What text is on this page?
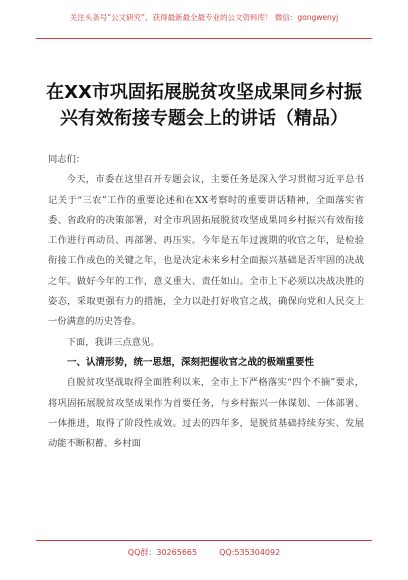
关注头条号“公文研究”，获得最新最全最专业的公文资料库！ 微信：gongwenyj
在XX市巩固拓展脱贫攻坚成果同乡村振兴有效衔接专题会上的讲话（精品）

同志们：

今天，市委在这里召开专题会议，主要任务是深入学习贯彻习近平总书记关于“三农”工作的重要论述和在XX考察时的重要讲话精神，全面落实省委、省政府的决策部署，对全市巩固拓展脱贫攻坚成果同乡村振兴有效衔接工作进行再动员、再部署、再压实。今年是五年过渡期的收官之年，是检验衔接工作成色的关键之年，也是决定未来乡村全面振兴基础是否牢固的决战之年。做好今年的工作，意义重大、责任如山。全市上下必须以决战决胜的姿态，采取更强有力的措施，全力以赴打好收官之战，确保向党和人民交上一份满意的历史答卷。

下面，我讲三点意见。

一、认清形势，统一思想，深刻把握收官之战的极端重要性

自脱贫攻坚战取得全面胜利以来，全市上下严格落实“四个不摘”要求，将巩固拓展脱贫攻坚成果作为首要任务，与乡村振兴一体谋划、一体部署、一体推进，取得了阶段性成效。过去的四年多，是脱贫基础持续夯实、发展动能不断积蓄、乡村面

QQ群：30265665	QQ:535304092
